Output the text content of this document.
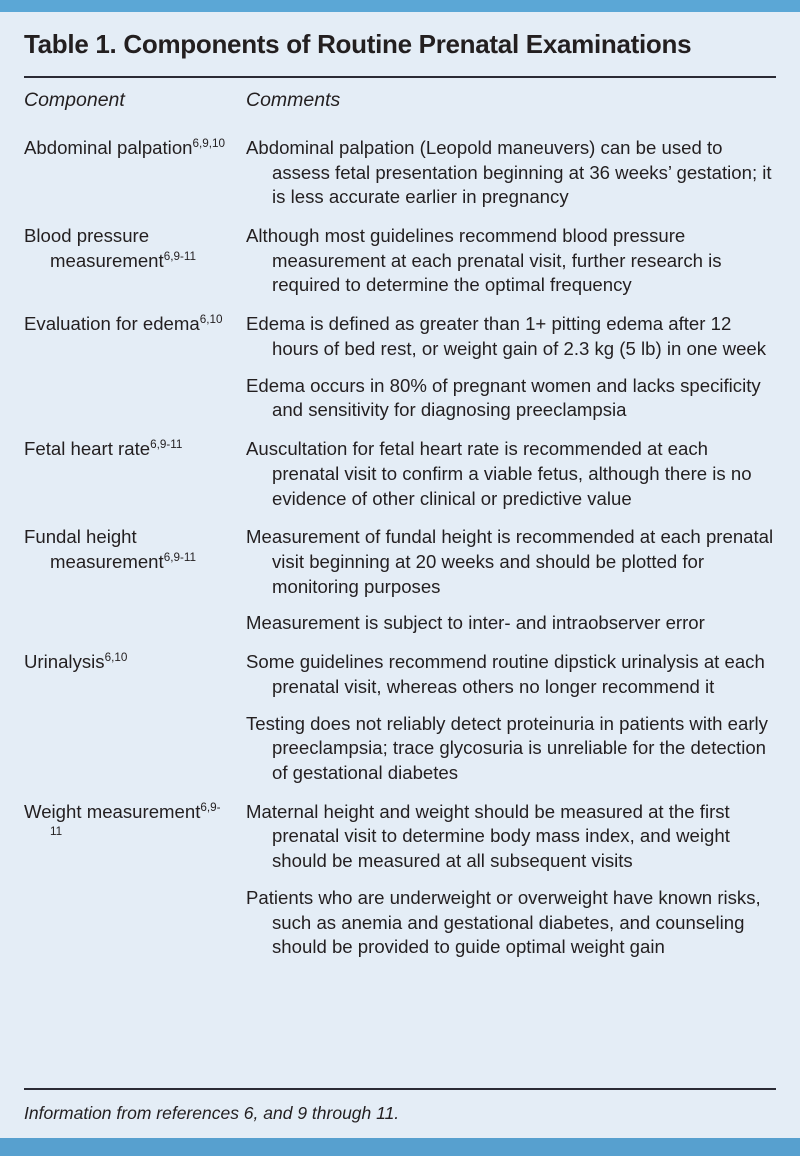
Table 1. Components of Routine Prenatal Examinations
Component	Comments

Abdominal palpation$^{6,9,10}$	Abdominal palpation (Leopold maneuvers) can be used to assess fetal presentation beginning at 36 weeks’ gestation; it is less accurate earlier in pregnancy

Blood pressure measurement$^{6,9-11}$	Although most guidelines recommend blood pressure measurement at each prenatal visit, further research is required to determine the optimal frequency

Evaluation for edema$^{6,10}$	Edema is defined as greater than 1+ pitting edema after 12 hours of bed rest, or weight gain of 2.3 kg (5 lb) in one week
Edema occurs in 80% of pregnant women and lacks specificity and sensitivity for diagnosing preeclampsia

Fetal heart rate$^{6,9-11}$	Auscultation for fetal heart rate is recommended at each prenatal visit to confirm a viable fetus, although there is no evidence of other clinical or predictive value

Fundal height measurement$^{6,9-11}$	Measurement of fundal height is recommended at each prenatal visit beginning at 20 weeks and should be plotted for monitoring purposes
Measurement is subject to inter- and intraobserver error

Urinalysis$^{6,10}$	Some guidelines recommend routine dipstick urinalysis at each prenatal visit, whereas others no longer recommend it
Testing does not reliably detect proteinuria in patients with early preeclampsia; trace glycosuria is unreliable for the detection of gestational diabetes

Weight measurement$^{6,9-11}$	Maternal height and weight should be measured at the first prenatal visit to determine body mass index, and weight should be measured at all subsequent visits
Patients who are underweight or overweight have known risks, such as anemia and gestational diabetes, and counseling should be provided to guide optimal weight gain
Information from references 6, and 9 through 11.
